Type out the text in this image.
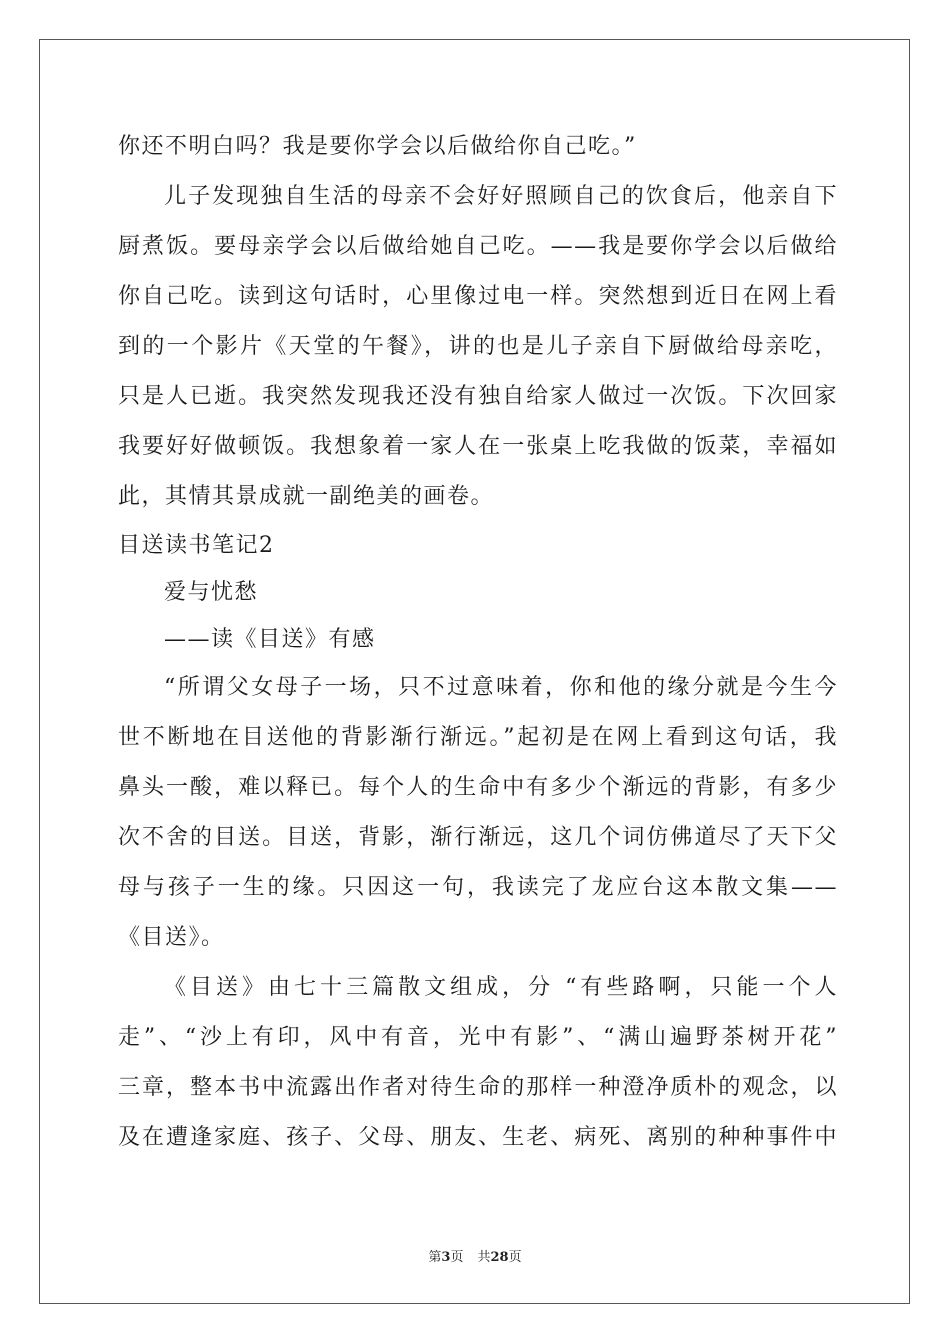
你还不明白吗？我是要你学会以后做给你自己吃。”
儿子发现独自生活的母亲不会好好照顾自己的饮食后，他亲自下
厨煮饭。要母亲学会以后做给她自己吃。——我是要你学会以后做给
你自己吃。读到这句话时，心里像过电一样。突然想到近日在网上看
到的一个影片《天堂的午餐》，讲的也是儿子亲自下厨做给母亲吃，
只是人已逝。我突然发现我还没有独自给家人做过一次饭。下次回家
我要好好做顿饭。我想象着一家人在一张桌上吃我做的饭菜，幸福如
此，其情其景成就一副绝美的画卷。
目送读书笔记2
爱与忧愁
——读《目送》有感
“所谓父女母子一场，只不过意味着，你和他的缘分就是今生今
世不断地在目送他的背影渐行渐远。”起初是在网上看到这句话，我
鼻头一酸，难以释已。每个人的生命中有多少个渐远的背影，有多少
次不舍的目送。目送，背影，渐行渐远，这几个词仿佛道尽了天下父
母与孩子一生的缘。只因这一句，我读完了龙应台这本散文集——
《目送》。
《目送》由七十三篇散文组成，分 “有些路啊，只能一个人
走”、“沙上有印，风中有音，光中有影”、“满山遍野茶树开花”
三章，整本书中流露出作者对待生命的那样一种澄净质朴的观念，以
及在遭逢家庭、孩子、父母、朋友、生老、病死、离别的种种事件中
第3页 共28页
